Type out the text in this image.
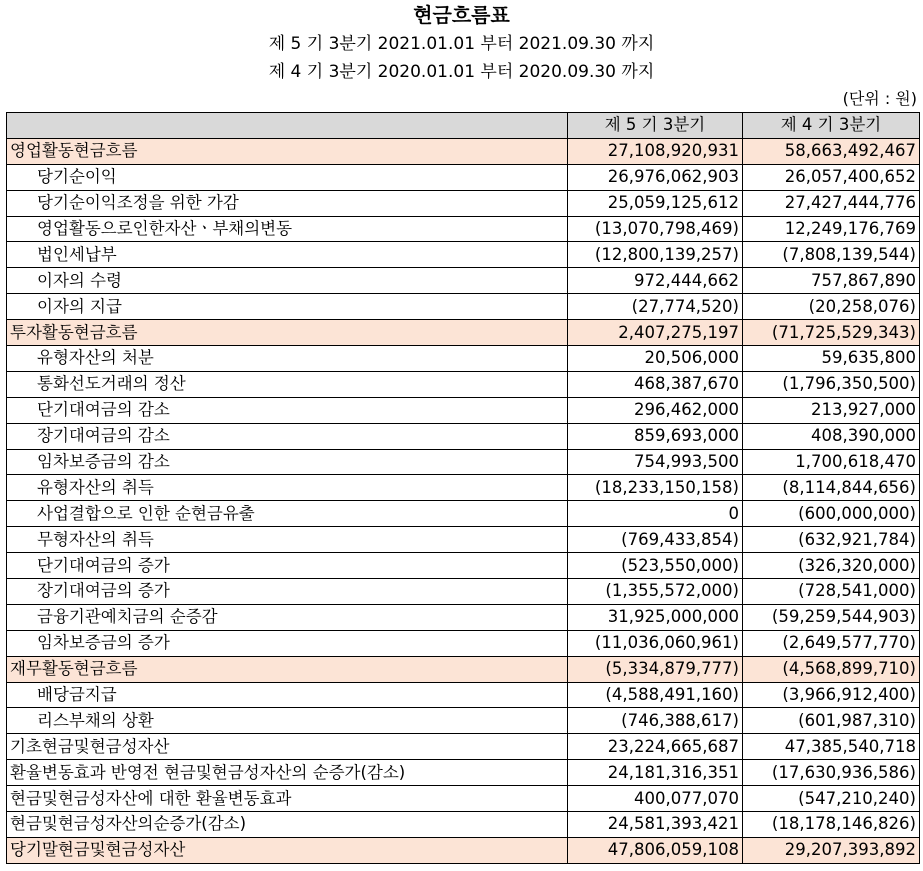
현금흐름표
제 5 기 3분기 2021.01.01 부터 2021.09.30 까지
제 4 기 3분기 2020.01.01 부터 2020.09.30 까지
(단위 : 원)
	제 5 기 3분기	제 4 기 3분기
영업활동현금흐름	27,108,920,931	58,663,492,467
당기순이익	26,976,062,903	26,057,400,652
당기순이익조정을 위한 가감	25,059,125,612	27,427,444,776
영업활동으로인한자산ㆍ부채의변동	(13,070,798,469)	12,249,176,769
법인세납부	(12,800,139,257)	(7,808,139,544)
이자의 수령	972,444,662	757,867,890
이자의 지급	(27,774,520)	(20,258,076)
투자활동현금흐름	2,407,275,197	(71,725,529,343)
유형자산의 처분	20,506,000	59,635,800
통화선도거래의 정산	468,387,670	(1,796,350,500)
단기대여금의 감소	296,462,000	213,927,000
장기대여금의 감소	859,693,000	408,390,000
임차보증금의 감소	754,993,500	1,700,618,470
유형자산의 취득	(18,233,150,158)	(8,114,844,656)
사업결합으로 인한 순현금유출	0	(600,000,000)
무형자산의 취득	(769,433,854)	(632,921,784)
단기대여금의 증가	(523,550,000)	(326,320,000)
장기대여금의 증가	(1,355,572,000)	(728,541,000)
금융기관예치금의 순증감	31,925,000,000	(59,259,544,903)
임차보증금의 증가	(11,036,060,961)	(2,649,577,770)
재무활동현금흐름	(5,334,879,777)	(4,568,899,710)
배당금지급	(4,588,491,160)	(3,966,912,400)
리스부채의 상환	(746,388,617)	(601,987,310)
기초현금및현금성자산	23,224,665,687	47,385,540,718
환율변동효과 반영전 현금및현금성자산의 순증가(감소)	24,181,316,351	(17,630,936,586)
현금및현금성자산에 대한 환율변동효과	400,077,070	(547,210,240)
현금및현금성자산의순증가(감소)	24,581,393,421	(18,178,146,826)
당기말현금및현금성자산	47,806,059,108	29,207,393,892
